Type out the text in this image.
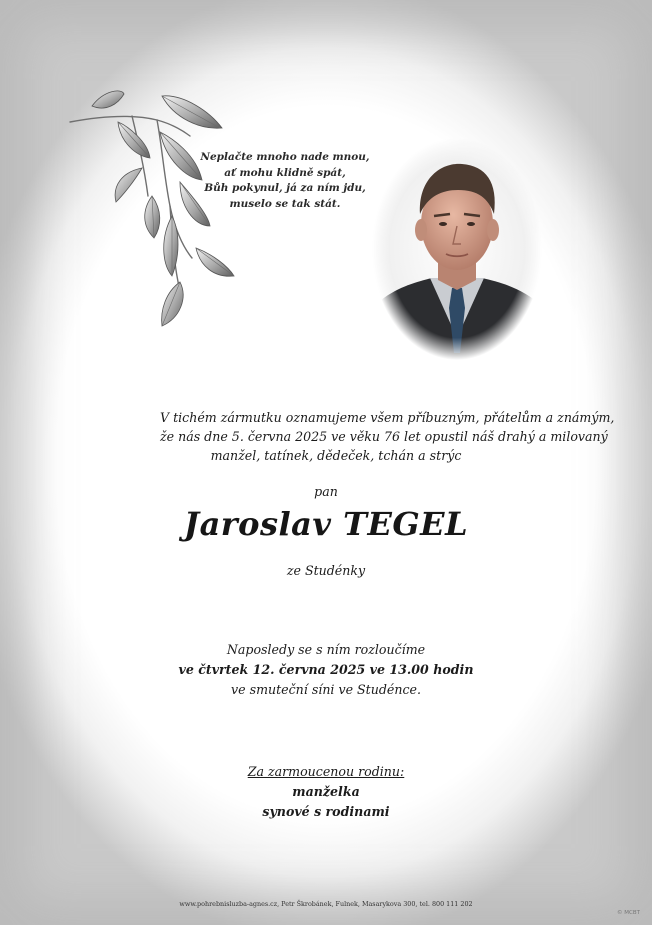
Neplačte mnoho nade mnou,
ať mohu klidně spát,
Bůh pokynul, já za ním jdu,
muselo se tak stát.
V tichém zármutku oznamujeme všem příbuzným, přátelům a známým,
že nás dne 5. června 2025 ve věku 76 let opustil náš drahý a milovaný
manžel, tatínek, dědeček, tchán a strýc
pan
Jaroslav TEGEL
ze Studénky
Naposledy se s ním rozloučíme
ve čtvrtek 12. června 2025 ve 13.00 hodin
ve smuteční síni ve Studénce.
Za zarmoucenou rodinu:
manželka
synové s rodinami
www.pohrebnisluzba-agnes.cz, Petr Škrobánek, Fulnek, Masarykova 300, tel. 800 111 202
© MCBT
